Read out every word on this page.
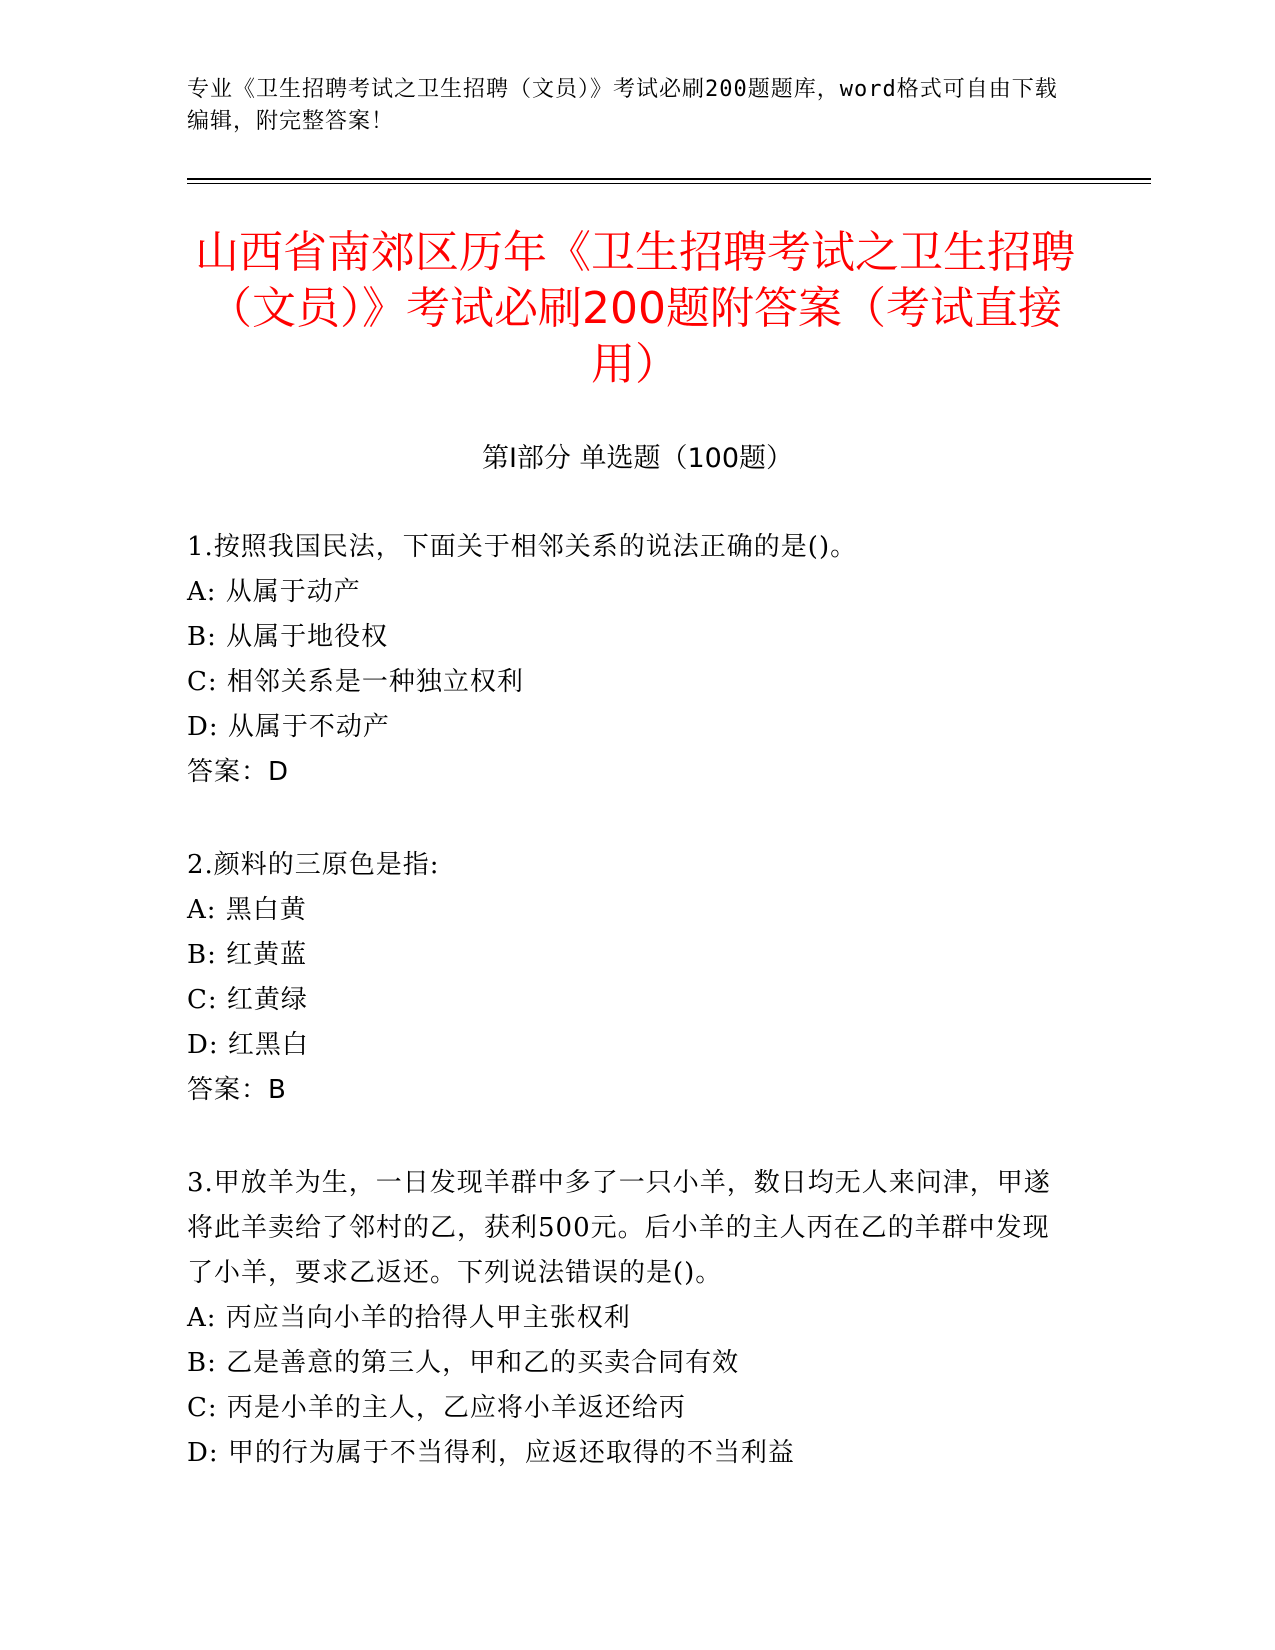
专业《卫生招聘考试之卫生招聘（文员）》考试必刷200题题库，word格式可自由下载编辑，附完整答案！
山西省南郊区历年《卫生招聘考试之卫生招聘（文员）》考试必刷200题附答案（考试直接用）
第Ⅰ部分 单选题（100题）
1.按照我国民法，下面关于相邻关系的说法正确的是()。
A: 从属于动产
B: 从属于地役权
C: 相邻关系是一种独立权利
D: 从属于不动产
答案：D
2.颜料的三原色是指:
A: 黑白黄
B: 红黄蓝
C: 红黄绿
D: 红黑白
答案：B
3.甲放羊为生，一日发现羊群中多了一只小羊，数日均无人来问津，甲遂将此羊卖给了邻村的乙，获利500元。后小羊的主人丙在乙的羊群中发现了小羊，要求乙返还。下列说法错误的是()。
A: 丙应当向小羊的拾得人甲主张权利
B: 乙是善意的第三人，甲和乙的买卖合同有效
C: 丙是小羊的主人，乙应将小羊返还给丙
D: 甲的行为属于不当得利，应返还取得的不当利益
